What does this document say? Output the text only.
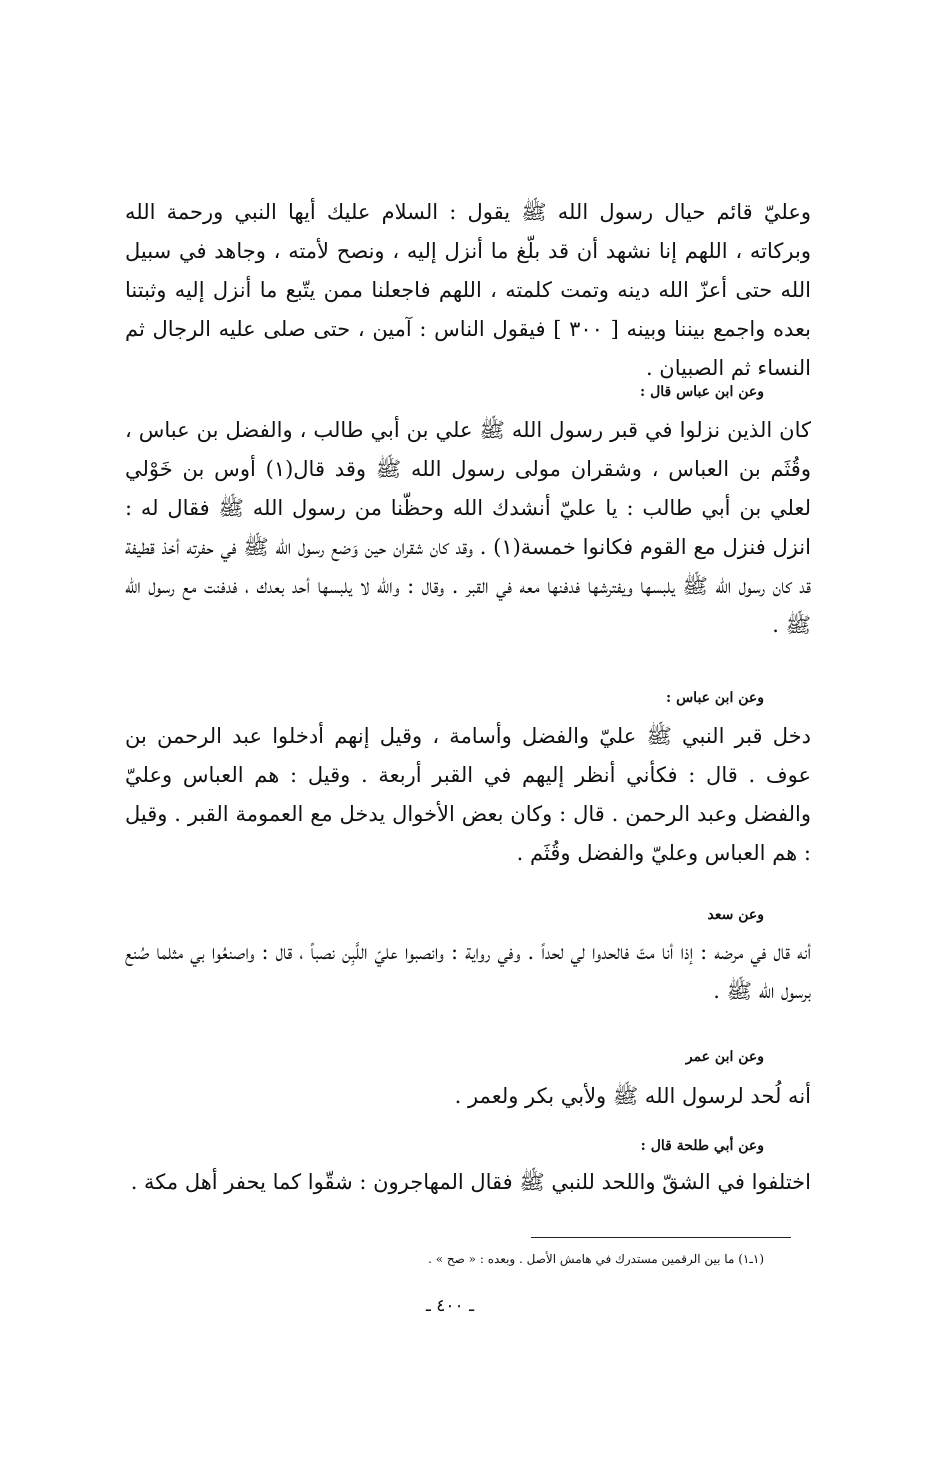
وعليّ قائم حيال رسول الله ﷺ يقول : السلام عليك أيها النبي ورحمة الله وبركاته ، اللهم إنا نشهد أن قد بلّغ ما أنزل إليه ، ونصح لأمته ، وجاهد في سبيل الله حتى أعزّ الله دينه وتمت كلمته ، اللهم فاجعلنا ممن يتّبع ما أنزل إليه وثبتنا بعده واجمع بيننا وبينه [ ٣٠٠ ] فيقول الناس : آمين ، حتى صلى عليه الرجال ثم النساء ثم الصبيان .

وعن ابن عباس قال :

كان الذين نزلوا في قبر رسول الله ﷺ علي بن أبي طالب ، والفضل بن عباس ، وقُثَم بن العباس ، وشقران مولى رسول الله ﷺ وقد قال(١) أوس بن خَوْلي لعلي بن أبي طالب : يا عليّ أنشدك الله وحظّنا من رسول الله ﷺ فقال له : انزل فنزل مع القوم فكانوا خمسة(١) . وقد كان شقران حين وَضع رسول الله ﷺ في حفرته أخذ قطيفة قد كان رسول الله ﷺ يلبسها ويفترشها فدفنها معه في القبر . وقال : والله لا يلبسها أحد بعدك ، فدفنت مع رسول الله ﷺ .

وعن ابن عباس :

دخل قبر النبي ﷺ عليّ والفضل وأسامة ، وقيل إنهم أدخلوا عبد الرحمن بن عوف . قال : فكأني أنظر إليهم في القبر أربعة . وقيل : هم العباس وعليّ والفضل وعبد الرحمن . قال : وكان بعض الأخوال يدخل مع العمومة القبر . وقيل : هم العباس وعليّ والفضل وقُثَم .

وعن سعد

أنه قال في مرضه : إذا أنا متّ فالحدوا لي لحداً . وفي رواية : وانصبوا عليّ اللَّبِن نصباً ، قال : واصنعُوا بي مثلما صُنع برسول الله ﷺ .

وعن ابن عمر

أنه لُحد لرسول الله ﷺ ولأبي بكر ولعمر .

وعن أبي طلحة قال :

اختلفوا في الشقّ واللحد للنبي ﷺ فقال المهاجرون : شقّوا كما يحفر أهل مكة .

(١ـ١) ما بين الرقمين مستدرك في هامش الأصل . وبعده : « صح » .

ـ ٤٠٠ ـ
